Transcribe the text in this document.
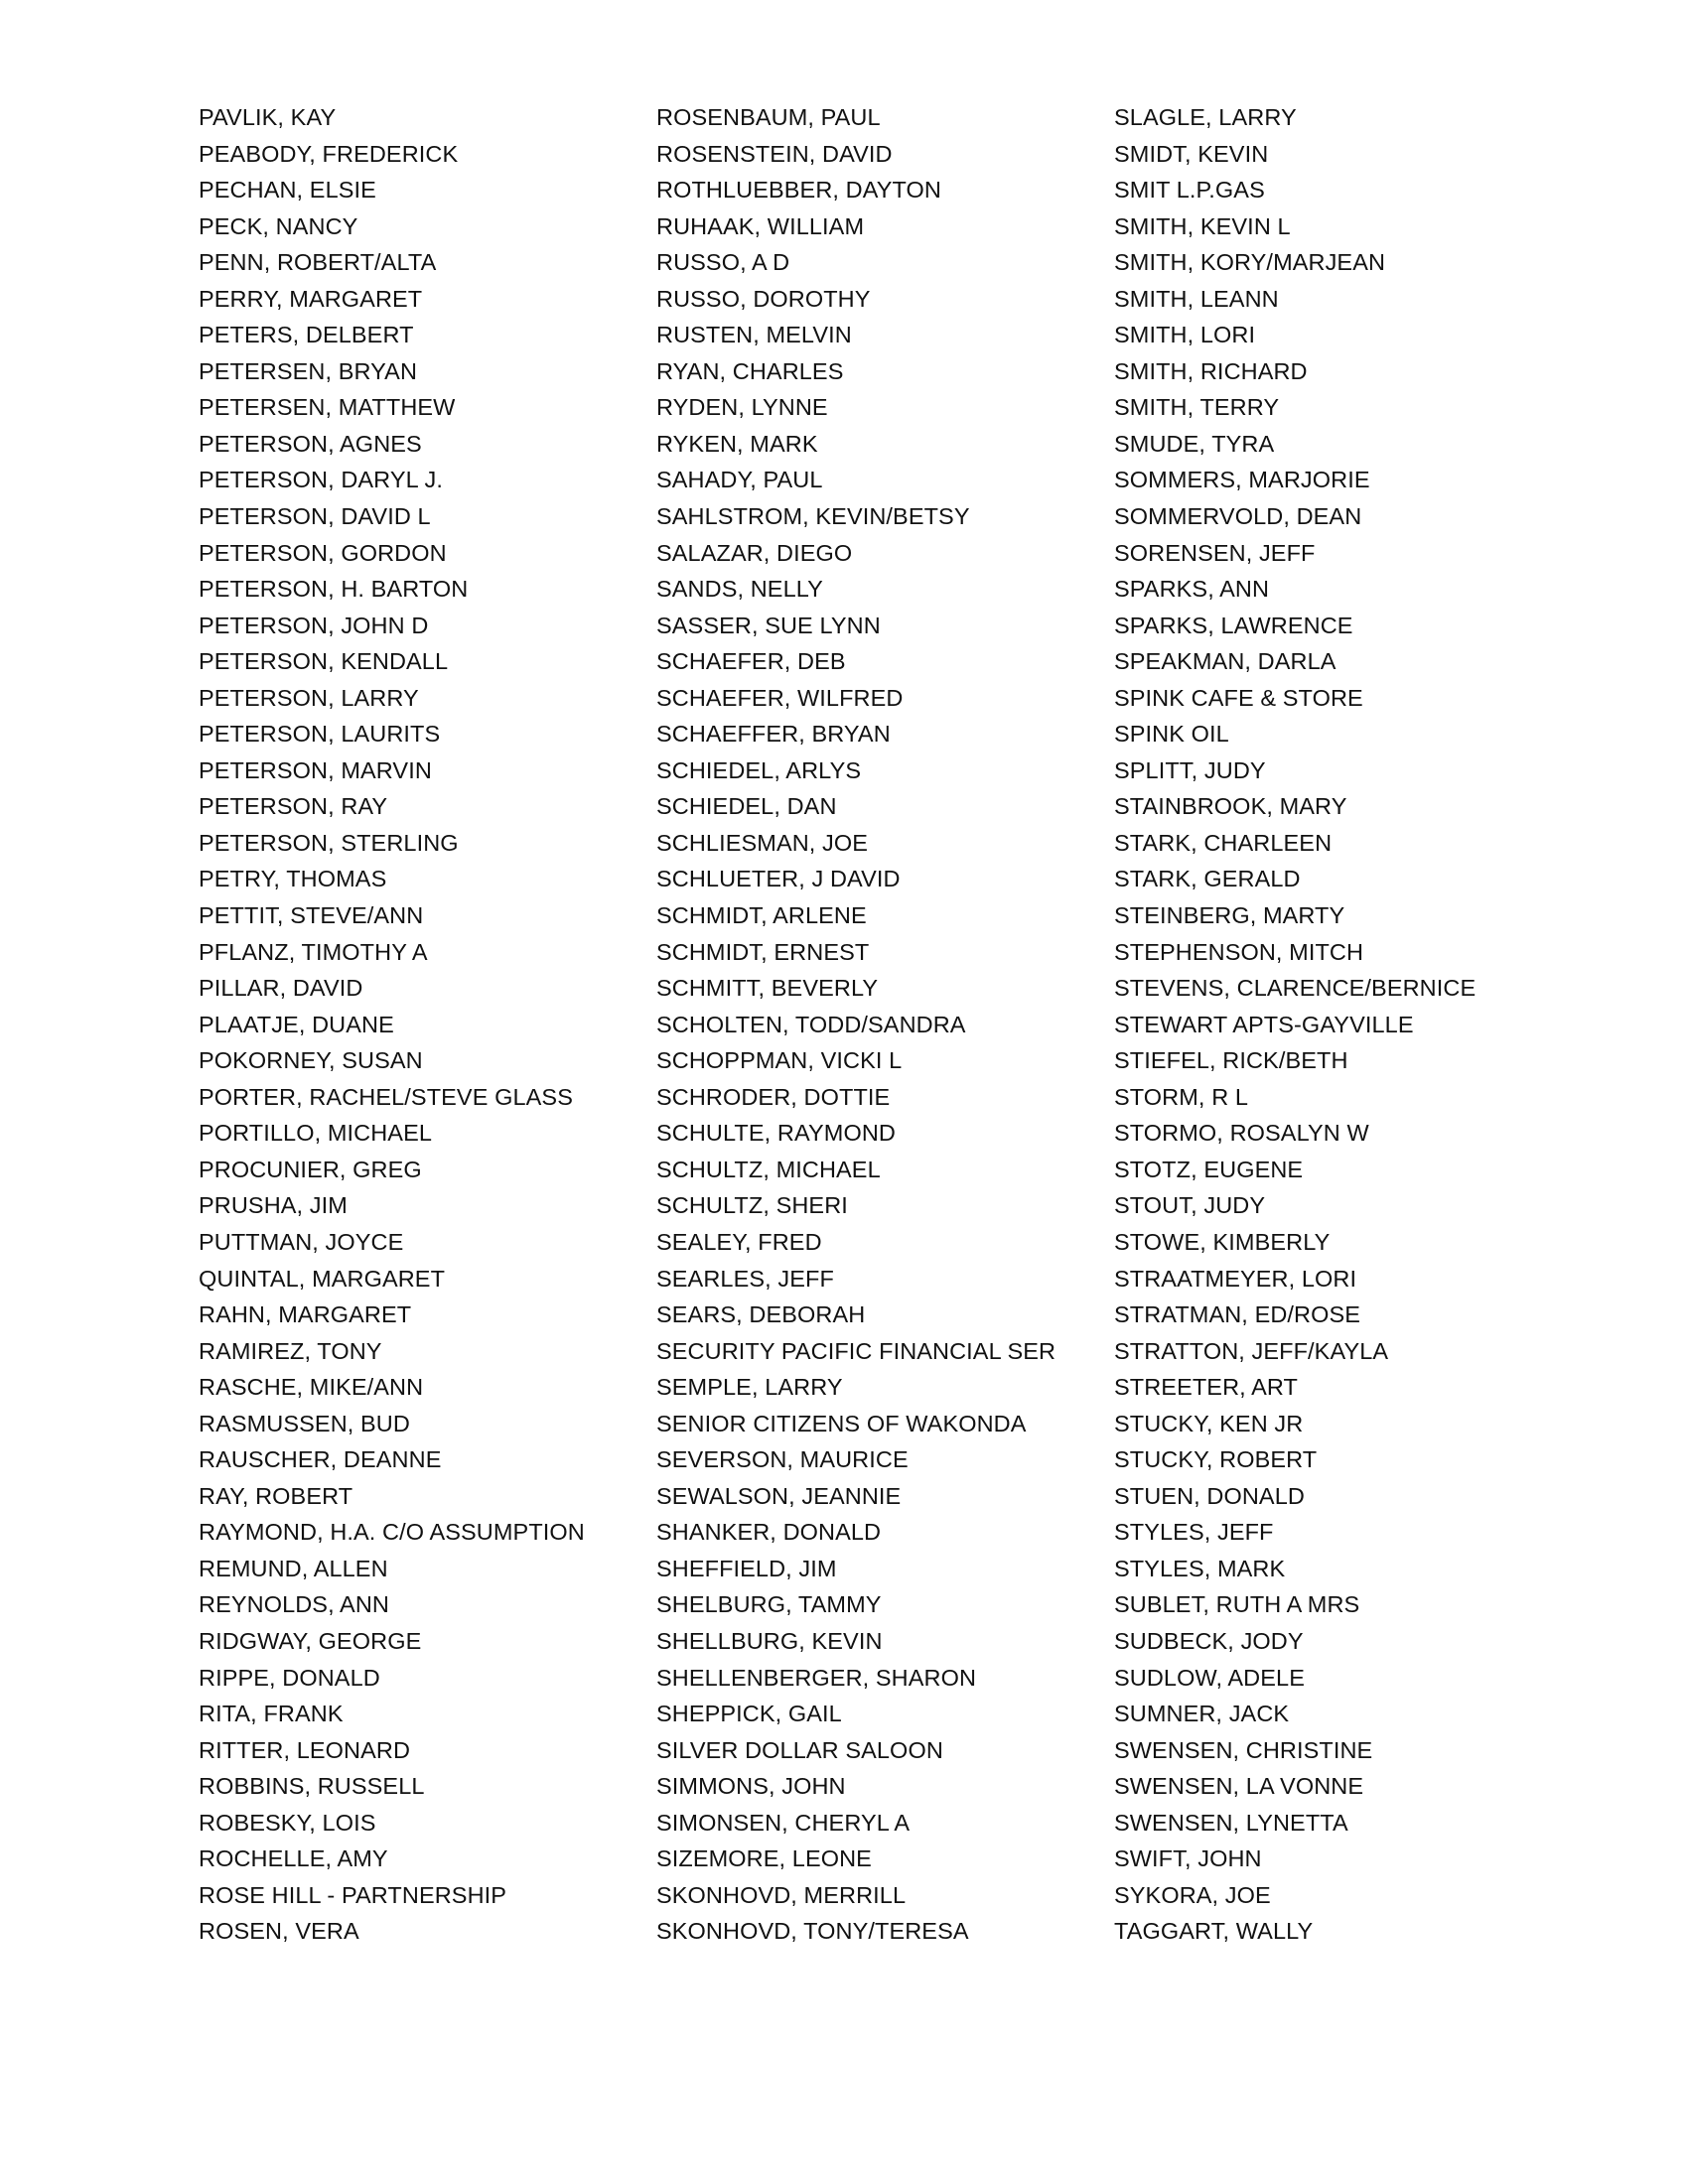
PAVLIK, KAY
PEABODY, FREDERICK
PECHAN, ELSIE
PECK, NANCY
PENN, ROBERT/ALTA
PERRY, MARGARET
PETERS, DELBERT
PETERSEN, BRYAN
PETERSEN, MATTHEW
PETERSON, AGNES
PETERSON, DARYL J.
PETERSON, DAVID L
PETERSON, GORDON
PETERSON, H. BARTON
PETERSON, JOHN D
PETERSON, KENDALL
PETERSON, LARRY
PETERSON, LAURITS
PETERSON, MARVIN
PETERSON, RAY
PETERSON, STERLING
PETRY, THOMAS
PETTIT, STEVE/ANN
PFLANZ, TIMOTHY A
PILLAR, DAVID
PLAATJE, DUANE
POKORNEY, SUSAN
PORTER, RACHEL/STEVE GLASS
PORTILLO, MICHAEL
PROCUNIER, GREG
PRUSHA, JIM
PUTTMAN, JOYCE
QUINTAL, MARGARET
RAHN, MARGARET
RAMIREZ, TONY
RASCHE, MIKE/ANN
RASMUSSEN, BUD
RAUSCHER, DEANNE
RAY, ROBERT
RAYMOND, H.A. C/O ASSUMPTION
REMUND, ALLEN
REYNOLDS, ANN
RIDGWAY, GEORGE
RIPPE, DONALD
RITA, FRANK
RITTER, LEONARD
ROBBINS, RUSSELL
ROBESKY, LOIS
ROCHELLE, AMY
ROSE HILL - PARTNERSHIP
ROSEN, VERA
ROSENBAUM, PAUL
ROSENSTEIN, DAVID
ROTHLUEBBER, DAYTON
RUHAAK, WILLIAM
RUSSO, A D
RUSSO, DOROTHY
RUSTEN, MELVIN
RYAN, CHARLES
RYDEN, LYNNE
RYKEN, MARK
SAHADY, PAUL
SAHLSTROM, KEVIN/BETSY
SALAZAR, DIEGO
SANDS, NELLY
SASSER, SUE LYNN
SCHAEFER, DEB
SCHAEFER, WILFRED
SCHAEFFER, BRYAN
SCHIEDEL, ARLYS
SCHIEDEL, DAN
SCHLIESMAN, JOE
SCHLUETER, J DAVID
SCHMIDT, ARLENE
SCHMIDT, ERNEST
SCHMITT, BEVERLY
SCHOLTEN, TODD/SANDRA
SCHOPPMAN, VICKI L
SCHRODER, DOTTIE
SCHULTE, RAYMOND
SCHULTZ, MICHAEL
SCHULTZ, SHERI
SEALEY, FRED
SEARLES, JEFF
SEARS, DEBORAH
SECURITY PACIFIC FINANCIAL SER
SEMPLE, LARRY
SENIOR CITIZENS OF WAKONDA
SEVERSON, MAURICE
SEWALSON, JEANNIE
SHANKER, DONALD
SHEFFIELD, JIM
SHELBURG, TAMMY
SHELLBURG, KEVIN
SHELLENBERGER, SHARON
SHEPPICK, GAIL
SILVER DOLLAR SALOON
SIMMONS, JOHN
SIMONSEN, CHERYL A
SIZEMORE, LEONE
SKONHOVD, MERRILL
SKONHOVD, TONY/TERESA
SLAGLE, LARRY
SMIDT, KEVIN
SMIT L.P.GAS
SMITH, KEVIN L
SMITH, KORY/MARJEAN
SMITH, LEANN
SMITH, LORI
SMITH, RICHARD
SMITH, TERRY
SMUDE, TYRA
SOMMERS, MARJORIE
SOMMERVOLD, DEAN
SORENSEN, JEFF
SPARKS, ANN
SPARKS, LAWRENCE
SPEAKMAN, DARLA
SPINK CAFE & STORE
SPINK OIL
SPLITT, JUDY
STAINBROOK, MARY
STARK, CHARLEEN
STARK, GERALD
STEINBERG, MARTY
STEPHENSON, MITCH
STEVENS, CLARENCE/BERNICE
STEWART APTS-GAYVILLE
STIEFEL, RICK/BETH
STORM, R L
STORMO, ROSALYN W
STOTZ, EUGENE
STOUT, JUDY
STOWE, KIMBERLY
STRAATMEYER, LORI
STRATMAN, ED/ROSE
STRATTON, JEFF/KAYLA
STREETER, ART
STUCKY, KEN JR
STUCKY, ROBERT
STUEN, DONALD
STYLES, JEFF
STYLES, MARK
SUBLET, RUTH A MRS
SUDBECK, JODY
SUDLOW, ADELE
SUMNER, JACK
SWENSEN, CHRISTINE
SWENSEN, LA VONNE
SWENSEN, LYNETTA
SWIFT, JOHN
SYKORA, JOE
TAGGART, WALLY
